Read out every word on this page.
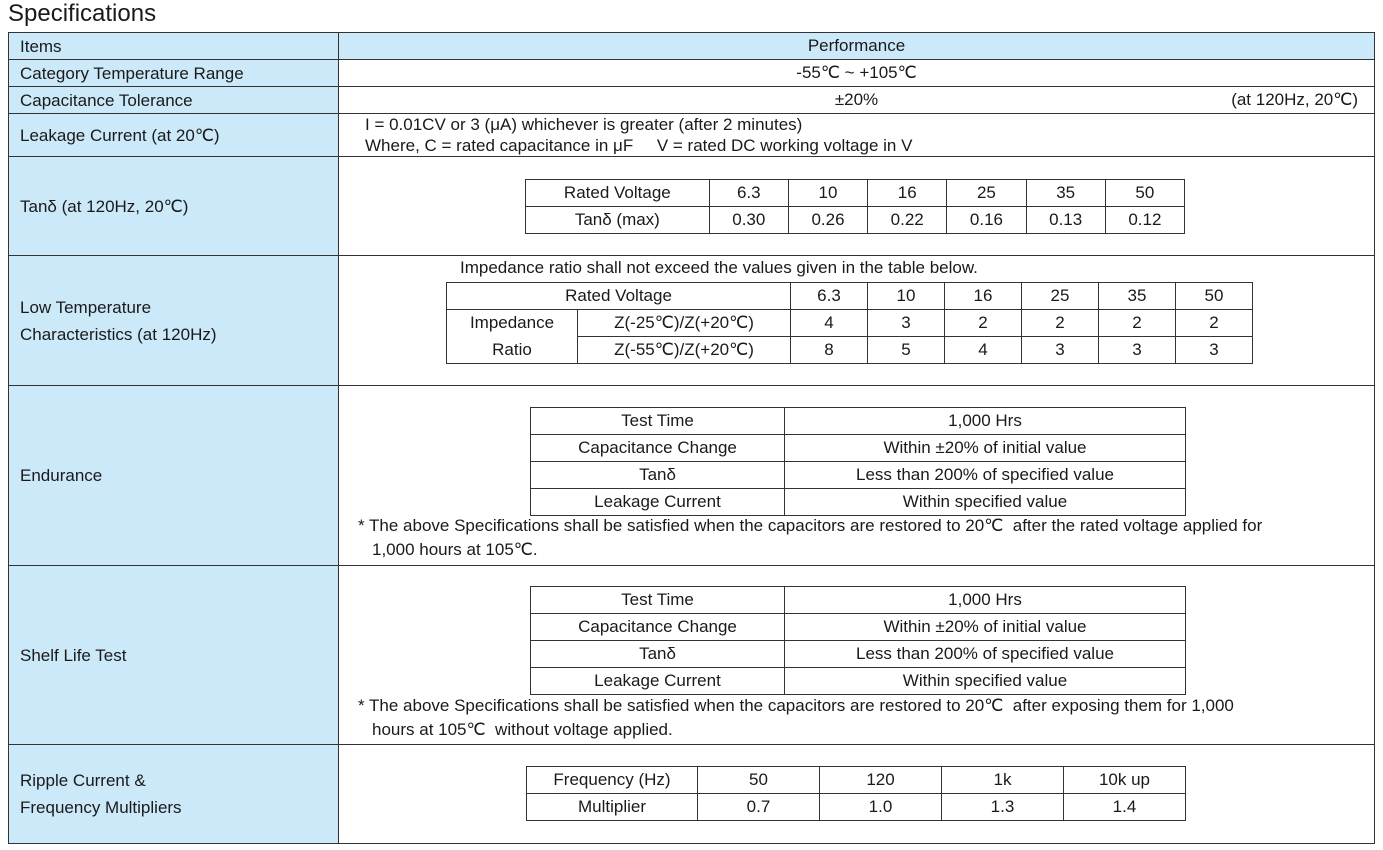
Specifications
Items	Performance
Category Temperature Range	-55℃ ~ +105℃
Capacitance Tolerance	±20%	(at 120Hz, 20℃)
Leakage Current (at 20℃)
I = 0.01CV or 3 (μA) whichever is greater (after 2 minutes)
Where, C = rated capacitance in μF     V = rated DC working voltage in V
Tanδ (at 120Hz, 20℃)
Rated Voltage	6.3	10	16	25	35	50
Tanδ (max)	0.30	0.26	0.22	0.16	0.13	0.12
Low Temperature
Characteristics (at 120Hz)
Impedance ratio shall not exceed the values given in the table below.
Rated Voltage		6.3	10	16	25	35	50
Impedance	Z(-25℃)/Z(+20℃)	4	3	2	2	2	2
Ratio	Z(-55℃)/Z(+20℃)	8	5	4	3	3	3
Endurance
Test Time	1,000 Hrs
Capacitance Change	Within ±20% of initial value
Tanδ	Less than 200% of specified value
Leakage Current	Within specified value
* The above Specifications shall be satisfied when the capacitors are restored to 20℃  after the rated voltage applied for
1,000 hours at 105℃.
Shelf Life Test
Test Time	1,000 Hrs
Capacitance Change	Within ±20% of initial value
Tanδ	Less than 200% of specified value
Leakage Current	Within specified value
* The above Specifications shall be satisfied when the capacitors are restored to 20℃  after exposing them for 1,000
hours at 105℃  without voltage applied.
Ripple Current &
Frequency Multipliers
Frequency (Hz)	50	120	1k	10k up
Multiplier	0.7	1.0	1.3	1.4
